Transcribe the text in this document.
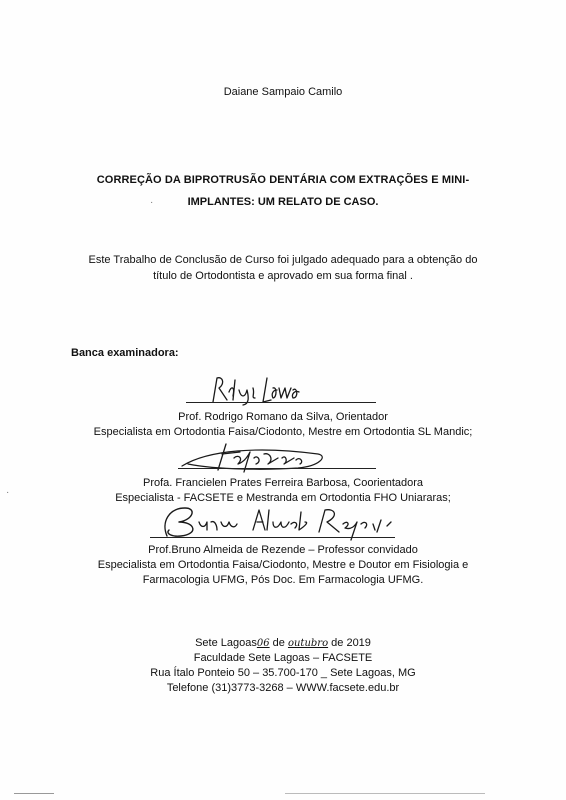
Daiane Sampaio Camilo
CORREÇÃO DA BIPROTRUSÃO DENTÁRIA COM EXTRAÇÕES E MINI-
·	IMPLANTES: UM RELATO DE CASO.
Este Trabalho de Conclusão de Curso foi julgado adequado para a obtenção do
título de Ortodontista e aprovado em sua forma final .
Banca examinadora:
Prof. Rodrigo Romano da Silva, Orientador
Especialista em Ortodontia Faisa/Ciodonto, Mestre em Ortodontia SL Mandic;
Profa. Francielen Prates Ferreira Barbosa, Coorientadora
Especialista - FACSETE e Mestranda em Ortodontia FHO Uniararas;
Prof.Bruno Almeida de Rezende – Professor convidado
Especialista em Ortodontia Faisa/Ciodonto, Mestre e Doutor em Fisiologia e
Farmacologia UFMG, Pós Doc. Em Farmacologia UFMG.
Sete Lagoas06 de outubro de 2019
Faculdade Sete Lagoas – FACSETE
Rua Ítalo Ponteio 50 – 35.700-170 _ Sete Lagoas, MG
Telefone (31)3773-3268 – WWW.facsete.edu.br
·
